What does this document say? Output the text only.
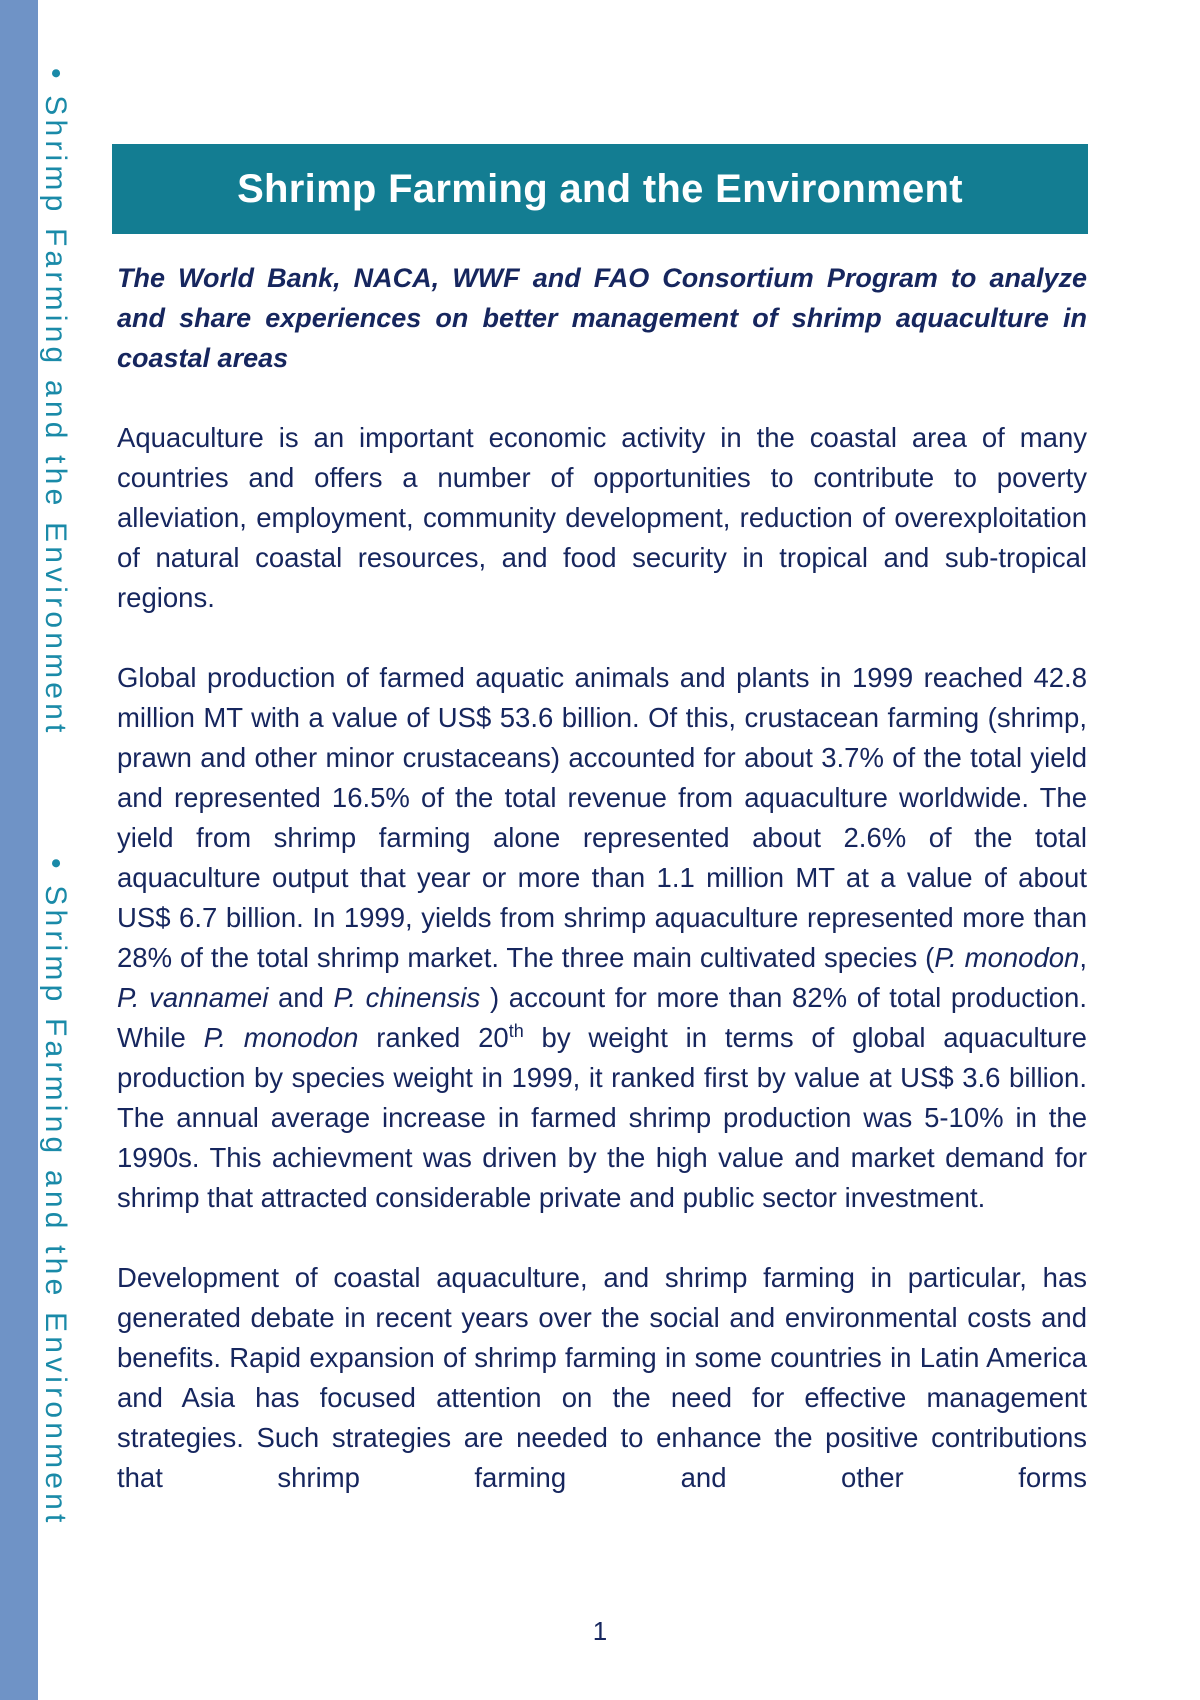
• Shrimp Farming and the Environment
• Shrimp Farming and the Environment
Shrimp Farming and the Environment

The World Bank, NACA, WWF and FAO Consortium Program to analyze and share experiences on better management of shrimp aquaculture in coastal areas

Aquaculture is an important economic activity in the coastal area of many countries and offers a number of opportunities to contribute to poverty alleviation, employment, community development, reduction of overexploitation of natural coastal resources, and food security in tropical and sub-tropical regions.

Global production of farmed aquatic animals and plants in 1999 reached 42.8 million MT with a value of US$ 53.6 billion. Of this, crustacean farming (shrimp, prawn and other minor crustaceans) accounted for about 3.7% of the total yield and represented 16.5% of the total revenue from aquaculture worldwide. The yield from shrimp farming alone represented about 2.6% of the total aquaculture output that year or more than 1.1 million MT at a value of about US$ 6.7 billion. In 1999, yields from shrimp aquaculture represented more than 28% of the total shrimp market. The three main cultivated species (P. monodon, P. vannamei and P. chinensis ) account for more than 82% of total production. While P. monodon ranked 20th by weight in terms of global aquaculture production by species weight in 1999, it ranked first by value at US$ 3.6 billion. The annual average increase in farmed shrimp production was 5-10% in the 1990s. This achievment was driven by the high value and market demand for shrimp that attracted considerable private and public sector investment.

Development of coastal aquaculture, and shrimp farming in particular, has generated debate in recent years over the social and environmental costs and benefits. Rapid expansion of shrimp farming in some countries in Latin America and Asia has focused attention on the need for effective management strategies. Such strategies are needed to enhance the positive contributions that shrimp farming and other forms

1
